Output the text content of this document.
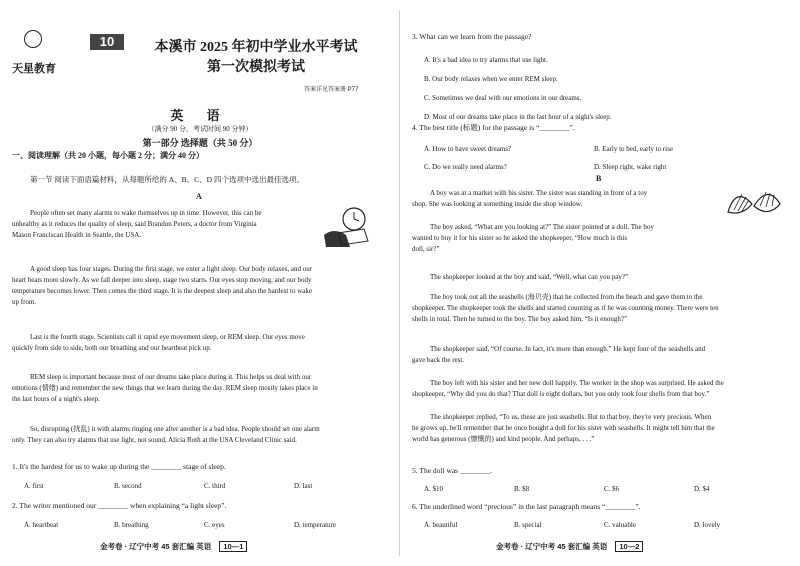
天星教育
10	本溪市 2025 年初中学业水平考试
第一次模拟考试
答案详见答案册 P77
英 语
（满分 90 分，考试时间 90 分钟）
第一部分 选择题（共 50 分）
一、阅读理解（共 20 小题，每小题 2 分；满分 40 分）
第一节 阅读下面语篇材料，从每题所给的 A、B、C、D 四个选项中选出最佳选项。
A
People often set many alarms to wake themselves up in time. However, this can be
unhealthy as it reduces the quality of sleep, said Brandon Peters, a doctor from Virginia
Mason Franciscan Health in Seattle, the USA.
A good sleep has four stages. During the first stage, we enter a light sleep. Our body relaxes, and our
heart beats more slowly. As we fall deeper into sleep, stage two starts. Our eyes stop moving, and our body
temperature becomes lower. Then comes the third stage. It is the deepest sleep and also the hardest to wake
up from.
Last is the fourth stage. Scientists call it rapid eye movement sleep, or REM sleep. Our eyes move
quickly from side to side, both our breathing and our heartbeat pick up.
REM sleep is important because most of our dreams take place during it. This helps us deal with our
emotions (情绪) and remember the new things that we learn during the day. REM sleep mostly takes place in
the last hours of a night's sleep.
So, disrupting (扰乱) it with alarms ringing one after another is a bad idea. People should set one alarm
only. They can also try alarms that use light, not sound, Alicia Roth at the USA Cleveland Clinic said.
1. It's the hardest for us to wake up during the ________ stage of sleep.
A. first	B. second	C. third	D. last
2. The writer mentioned our ________ when explaining “a light sleep”.
A. heartbeat	B. breathing	C. eyes	D. temperature
金考卷 · 辽宁中考 45 套汇编 英语 10—1
3. What can we learn from the passage?
A. It's a bad idea to try alarms that use light.
B. Our body relaxes when we enter REM sleep.
C. Sometimes we deal with our emotions in our dreams.
D. Most of our dreams take place in the last hour of a night's sleep.
4. The best title (标题) for the passage is “________”.
A. How to have sweet dreams?	B. Early to bed, early to rise
C. Do we really need alarms?	D. Sleep right, wake right
B
A boy was at a market with his sister. The sister was standing in front of a toy
shop. She was looking at something inside the shop window.
The boy asked, “What are you looking at?” The sister pointed at a doll. The boy
wanted to buy it for his sister so he asked the shopkeeper, “How much is this
doll, sir?”
The shopkeeper looked at the boy and said, “Well, what can you pay?”
The boy took out all the seashells (海贝壳) that he collected from the beach and gave them to the
shopkeeper. The shopkeeper took the shells and started counting as if he was counting money. There were ten
shells in total. Then he turned to the boy. The boy asked him, “Is it enough?”
The shopkeeper said, “Of course. In fact, it's more than enough.” He kept four of the seashells and
gave back the rest.
The boy left with his sister and her new doll happily. The worker in the shop was surprised. He asked the
shopkeeper, “Why did you do that? That doll is eight dollars, but you only took four shells from that boy.”
The shopkeeper replied, “To us, these are just seashells. But to that boy, they're very precious. When
he grows up, he'll remember that he once bought a doll for his sister with seashells. It might tell him that the
world has generous (慷慨的) and kind people. And perhaps, . . .”
5. The doll was ________.
A. $10	B. $8	C. $6	D. $4
6. The underlined word “precious” in the last paragraph means “________”.
A. beautiful	B. special	C. valuable	D. lovely
金考卷 · 辽宁中考 45 套汇编 英语 10—2
